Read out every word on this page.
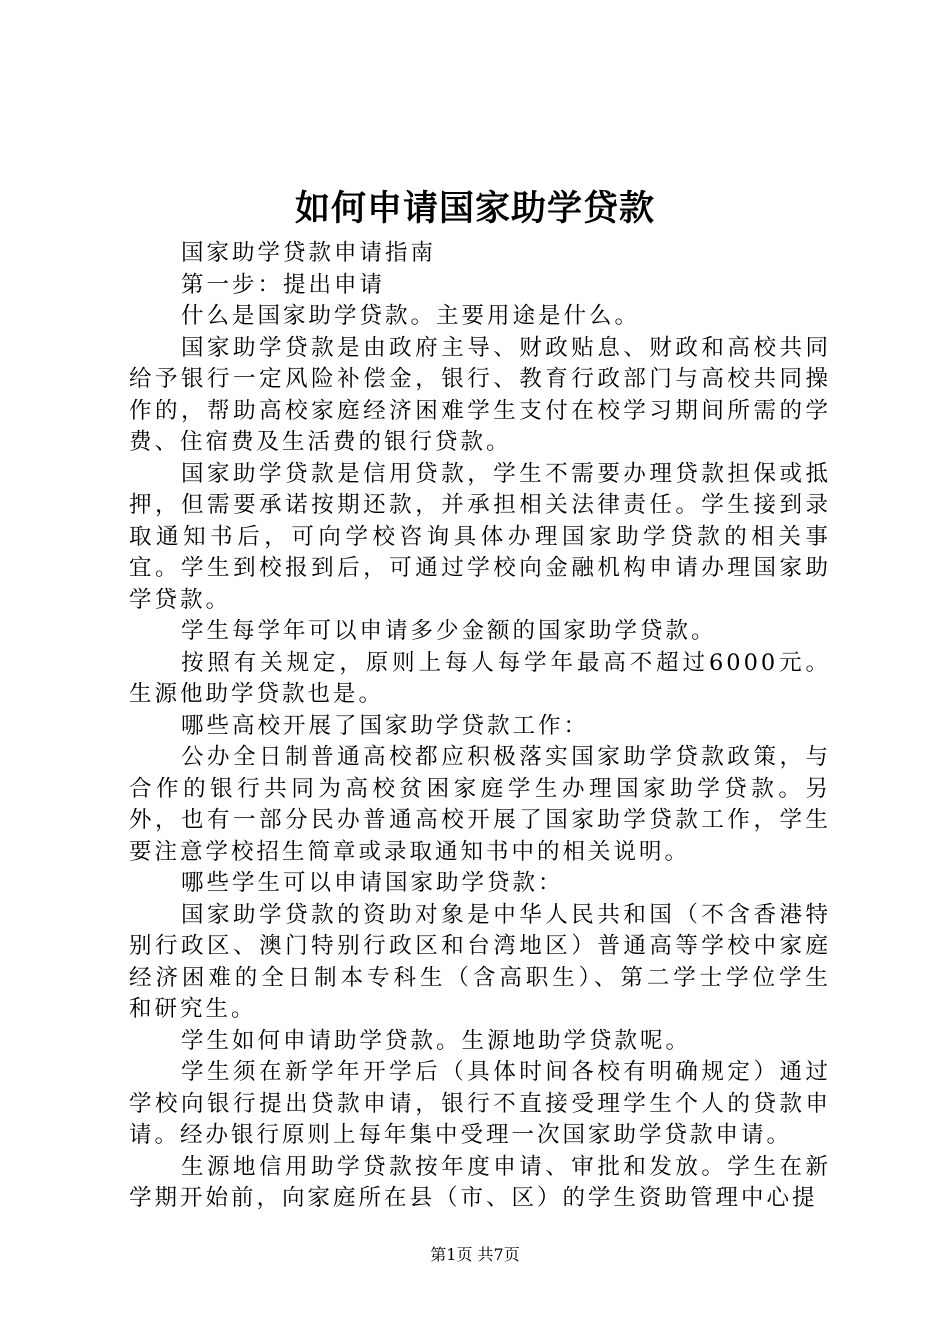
如何申请国家助学贷款

国家助学贷款申请指南

第一步：提出申请

什么是国家助学贷款。主要用途是什么。

国家助学贷款是由政府主导、财政贴息、财政和高校共同给予银行一定风险补偿金，银行、教育行政部门与高校共同操作的，帮助高校家庭经济困难学生支付在校学习期间所需的学费、住宿费及生活费的银行贷款。

国家助学贷款是信用贷款，学生不需要办理贷款担保或抵押，但需要承诺按期还款，并承担相关法律责任。学生接到录取通知书后，可向学校咨询具体办理国家助学贷款的相关事宜。学生到校报到后，可通过学校向金融机构申请办理国家助学贷款。

学生每学年可以申请多少金额的国家助学贷款。

按照有关规定，原则上每人每学年最高不超过6000元。生源他助学贷款也是。

哪些高校开展了国家助学贷款工作：

公办全日制普通高校都应积极落实国家助学贷款政策，与合作的银行共同为高校贫困家庭学生办理国家助学贷款。另外，也有一部分民办普通高校开展了国家助学贷款工作，学生要注意学校招生简章或录取通知书中的相关说明。

哪些学生可以申请国家助学贷款：

国家助学贷款的资助对象是中华人民共和国（不含香港特别行政区、澳门特别行政区和台湾地区）普通高等学校中家庭经济困难的全日制本专科生（含高职生）、第二学士学位学生和研究生。

学生如何申请助学贷款。生源地助学贷款呢。

学生须在新学年开学后（具体时间各校有明确规定）通过学校向银行提出贷款申请，银行不直接受理学生个人的贷款申请。经办银行原则上每年集中受理一次国家助学贷款申请。

生源地信用助学贷款按年度申请、审批和发放。学生在新学期开始前，向家庭所在县（市、区）的学生资助管理中心提

第1页 共7页
